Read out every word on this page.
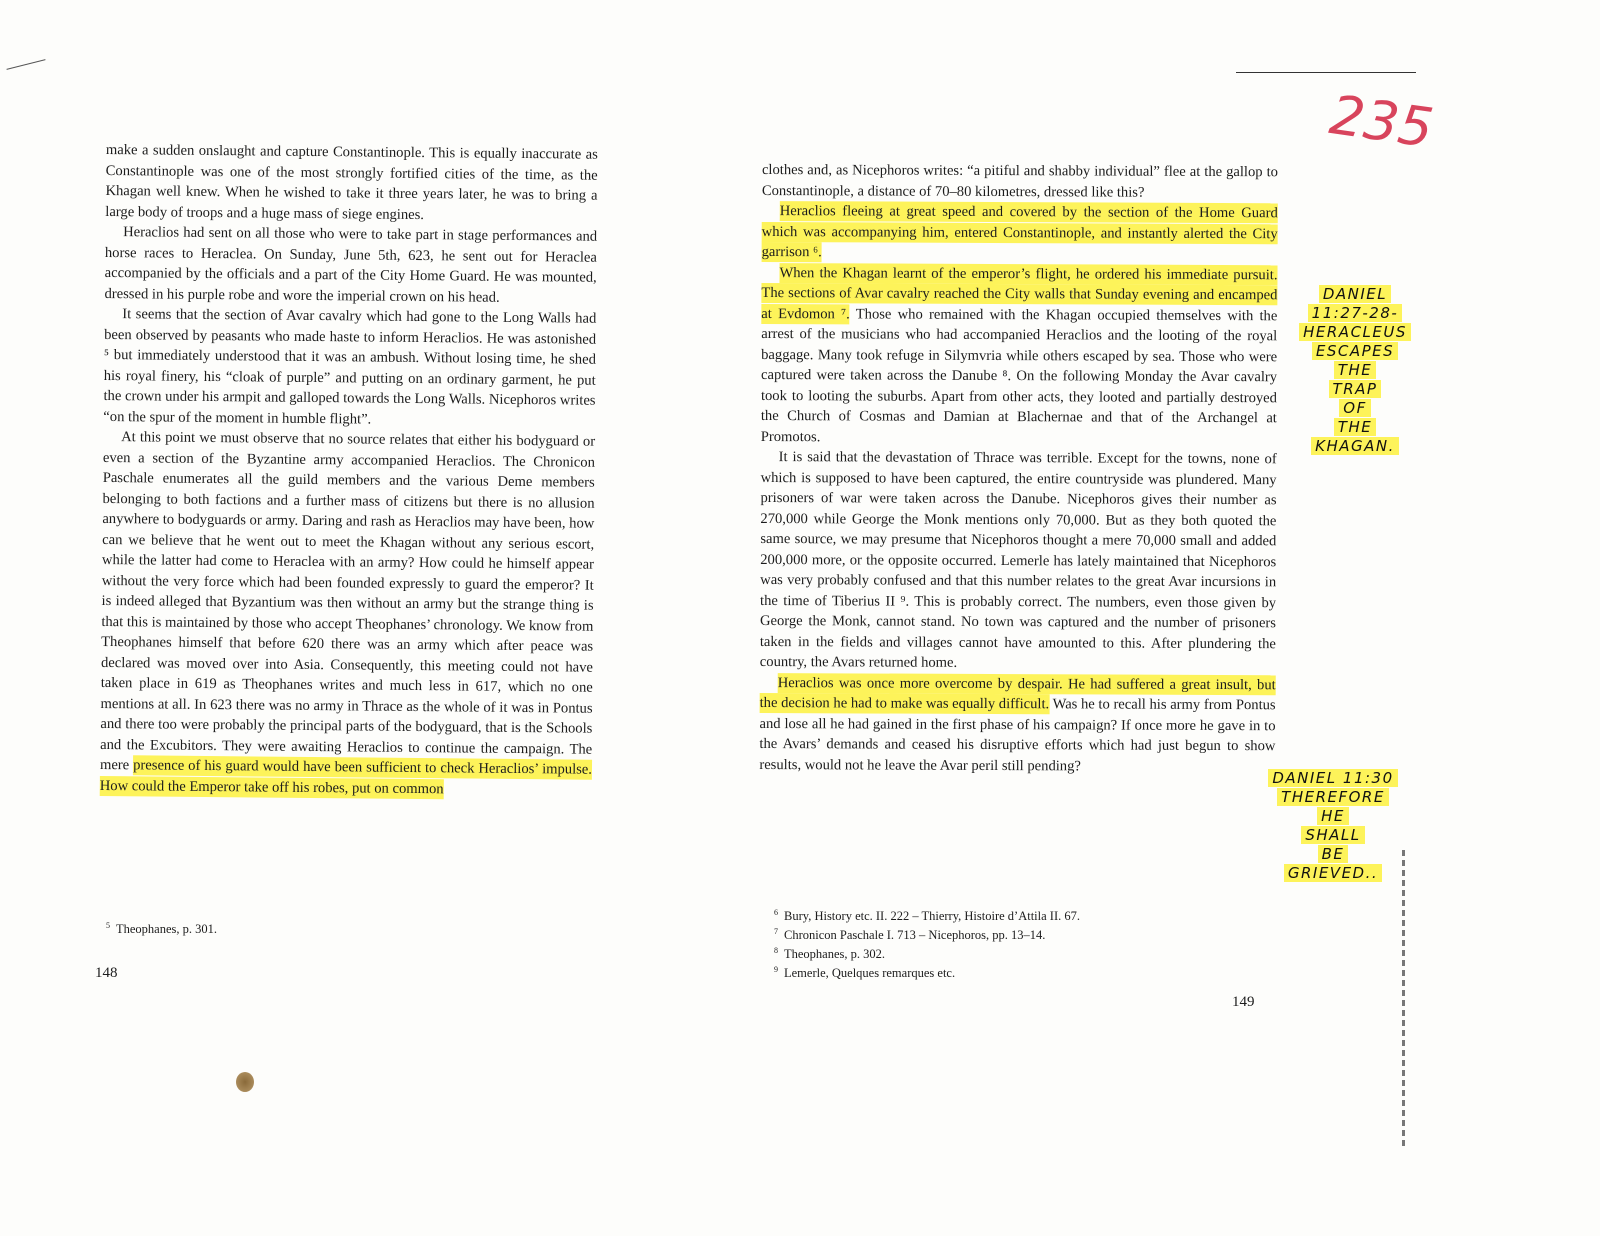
235

make a sudden onslaught and capture Constantinople. This is equally inaccurate as Constantinople was one of the most strongly fortified cities of the time, as the Khagan well knew. When he wished to take it three years later, he was to bring a large body of troops and a huge mass of siege engines.

Heraclios had sent on all those who were to take part in stage performances and horse races to Heraclea. On Sunday, June 5th, 623, he sent out for Heraclea accompanied by the officials and a part of the City Home Guard. He was mounted, dressed in his purple robe and wore the imperial crown on his head.

It seems that the section of Avar cavalry which had gone to the Long Walls had been observed by peasants who made haste to inform Heraclios. He was astonished ⁵ but immediately understood that it was an ambush. Without losing time, he shed his royal finery, his “cloak of purple” and putting on an ordinary garment, he put the crown under his armpit and galloped towards the Long Walls. Nicephoros writes “on the spur of the moment in humble flight”.

At this point we must observe that no source relates that either his bodyguard or even a section of the Byzantine army accompanied Heraclios. The Chronicon Paschale enumerates all the guild members and the various Deme members belonging to both factions and a further mass of citizens but there is no allusion anywhere to bodyguards or army. Daring and rash as Heraclios may have been, how can we believe that he went out to meet the Khagan without any serious escort, while the latter had come to Heraclea with an army? How could he himself appear without the very force which had been founded expressly to guard the emperor? It is indeed alleged that Byzantium was then without an army but the strange thing is that this is maintained by those who accept Theophanes’ chronology. We know from Theophanes himself that before 620 there was an army which after peace was declared was moved over into Asia. Consequently, this meeting could not have taken place in 619 as Theophanes writes and much less in 617, which no one mentions at all. In 623 there was no army in Thrace as the whole of it was in Pontus and there too were probably the principal parts of the bodyguard, that is the Schools and the Excubitors. They were awaiting Heraclios to continue the campaign. The mere presence of his guard would have been sufficient to check Heraclios’ impulse. How could the Emperor take off his robes, put on common

$^5$ Theophanes, p. 301.
148

clothes and, as Nicephoros writes: “a pitiful and shabby individual” flee at the gallop to Constantinople, a distance of 70–80 kilometres, dressed like this?

Heraclios fleeing at great speed and covered by the section of the Home Guard which was accompanying him, entered Constantinople, and instantly alerted the City garrison ⁶.

When the Khagan learnt of the emperor’s flight, he ordered his immediate pursuit. The sections of Avar cavalry reached the City walls that Sunday evening and encamped at Evdomon ⁷. Those who remained with the Khagan occupied themselves with the arrest of the musicians who had accompanied Heraclios and the looting of the royal baggage. Many took refuge in Silymvria while others escaped by sea. Those who were captured were taken across the Danube ⁸. On the following Monday the Avar cavalry took to looting the suburbs. Apart from other acts, they looted and partially destroyed the Church of Cosmas and Damian at Blachernae and that of the Archangel at Promotos.

It is said that the devastation of Thrace was terrible. Except for the towns, none of which is supposed to have been captured, the entire countryside was plundered. Many prisoners of war were taken across the Danube. Nicephoros gives their number as 270,000 while George the Monk mentions only 70,000. But as they both quoted the same source, we may presume that Nicephoros thought a mere 70,000 small and added 200,000 more, or the opposite occurred. Lemerle has lately maintained that Nicephoros was very probably confused and that this number relates to the great Avar incursions in the time of Tiberius II ⁹. This is probably correct. The numbers, even those given by George the Monk, cannot stand. No town was captured and the number of prisoners taken in the fields and villages cannot have amounted to this. After plundering the country, the Avars returned home.

Heraclios was once more overcome by despair. He had suffered a great insult, but the decision he had to make was equally difficult. Was he to recall his army from Pontus and lose all he had gained in the first phase of his campaign? If once more he gave in to the Avars’ demands and ceased his disruptive efforts which had just begun to show results, would not he leave the Avar peril still pending?

$^6$ Bury, History etc. II. 222 – Thierry, Histoire d’Attila II. 67.
$^7$ Chronicon Paschale I. 713 – Nicephoros, pp. 13–14.
$^8$ Theophanes, p. 302.
$^9$ Lemerle, Quelques remarques etc.
149
DANIEL
11:27-28-
HERACLEUS
ESCAPES
THE
TRAP
OF
THE
KHAGAN.
DANIEL 11:30
THEREFORE
HE
SHALL
BE
GRIEVED..
